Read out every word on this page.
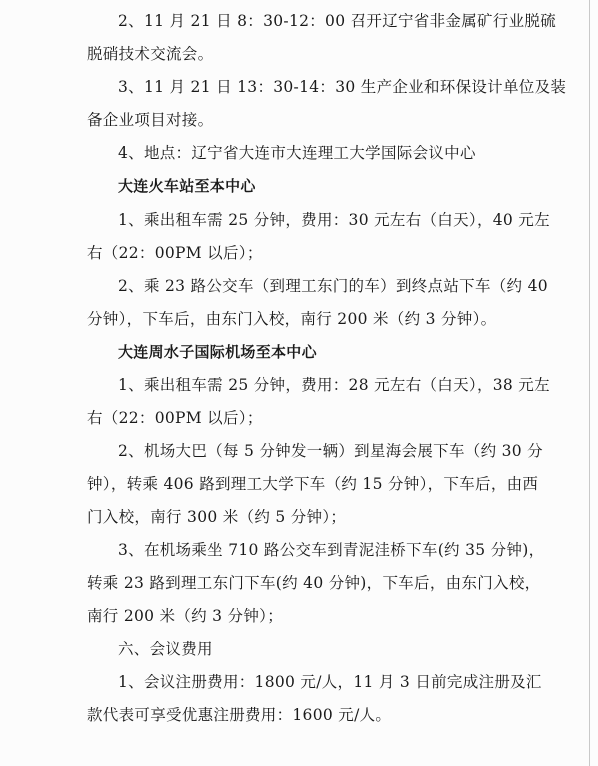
2、11 月 21 日 8：30-12：00 召开辽宁省非金属矿行业脱硫
脱硝技术交流会。
3、11 月 21 日 13：30-14：30 生产企业和环保设计单位及装
备企业项目对接。
4、地点：辽宁省大连市大连理工大学国际会议中心
大连火车站至本中心
1、乘出租车需 25 分钟，费用：30 元左右（白天），40 元左
右（22：00PM 以后）；
2、乘 23 路公交车（到理工东门的车）到终点站下车（约 40
分钟），下车后，由东门入校，南行 200 米（约 3 分钟）。
大连周水子国际机场至本中心
1、乘出租车需 25 分钟，费用：28 元左右（白天），38 元左
右（22：00PM 以后）；
2、机场大巴（每 5 分钟发一辆）到星海会展下车（约 30 分
钟），转乘 406 路到理工大学下车（约 15 分钟），下车后，由西
门入校，南行 300 米（约 5 分钟）；
3、在机场乘坐 710 路公交车到青泥洼桥下车(约 35 分钟)，
转乘 23 路到理工东门下车(约 40 分钟)，下车后，由东门入校，
南行 200 米（约 3 分钟）；
六、会议费用
1、会议注册费用：1800 元/人，11 月 3 日前完成注册及汇
款代表可享受优惠注册费用：1600 元/人。
